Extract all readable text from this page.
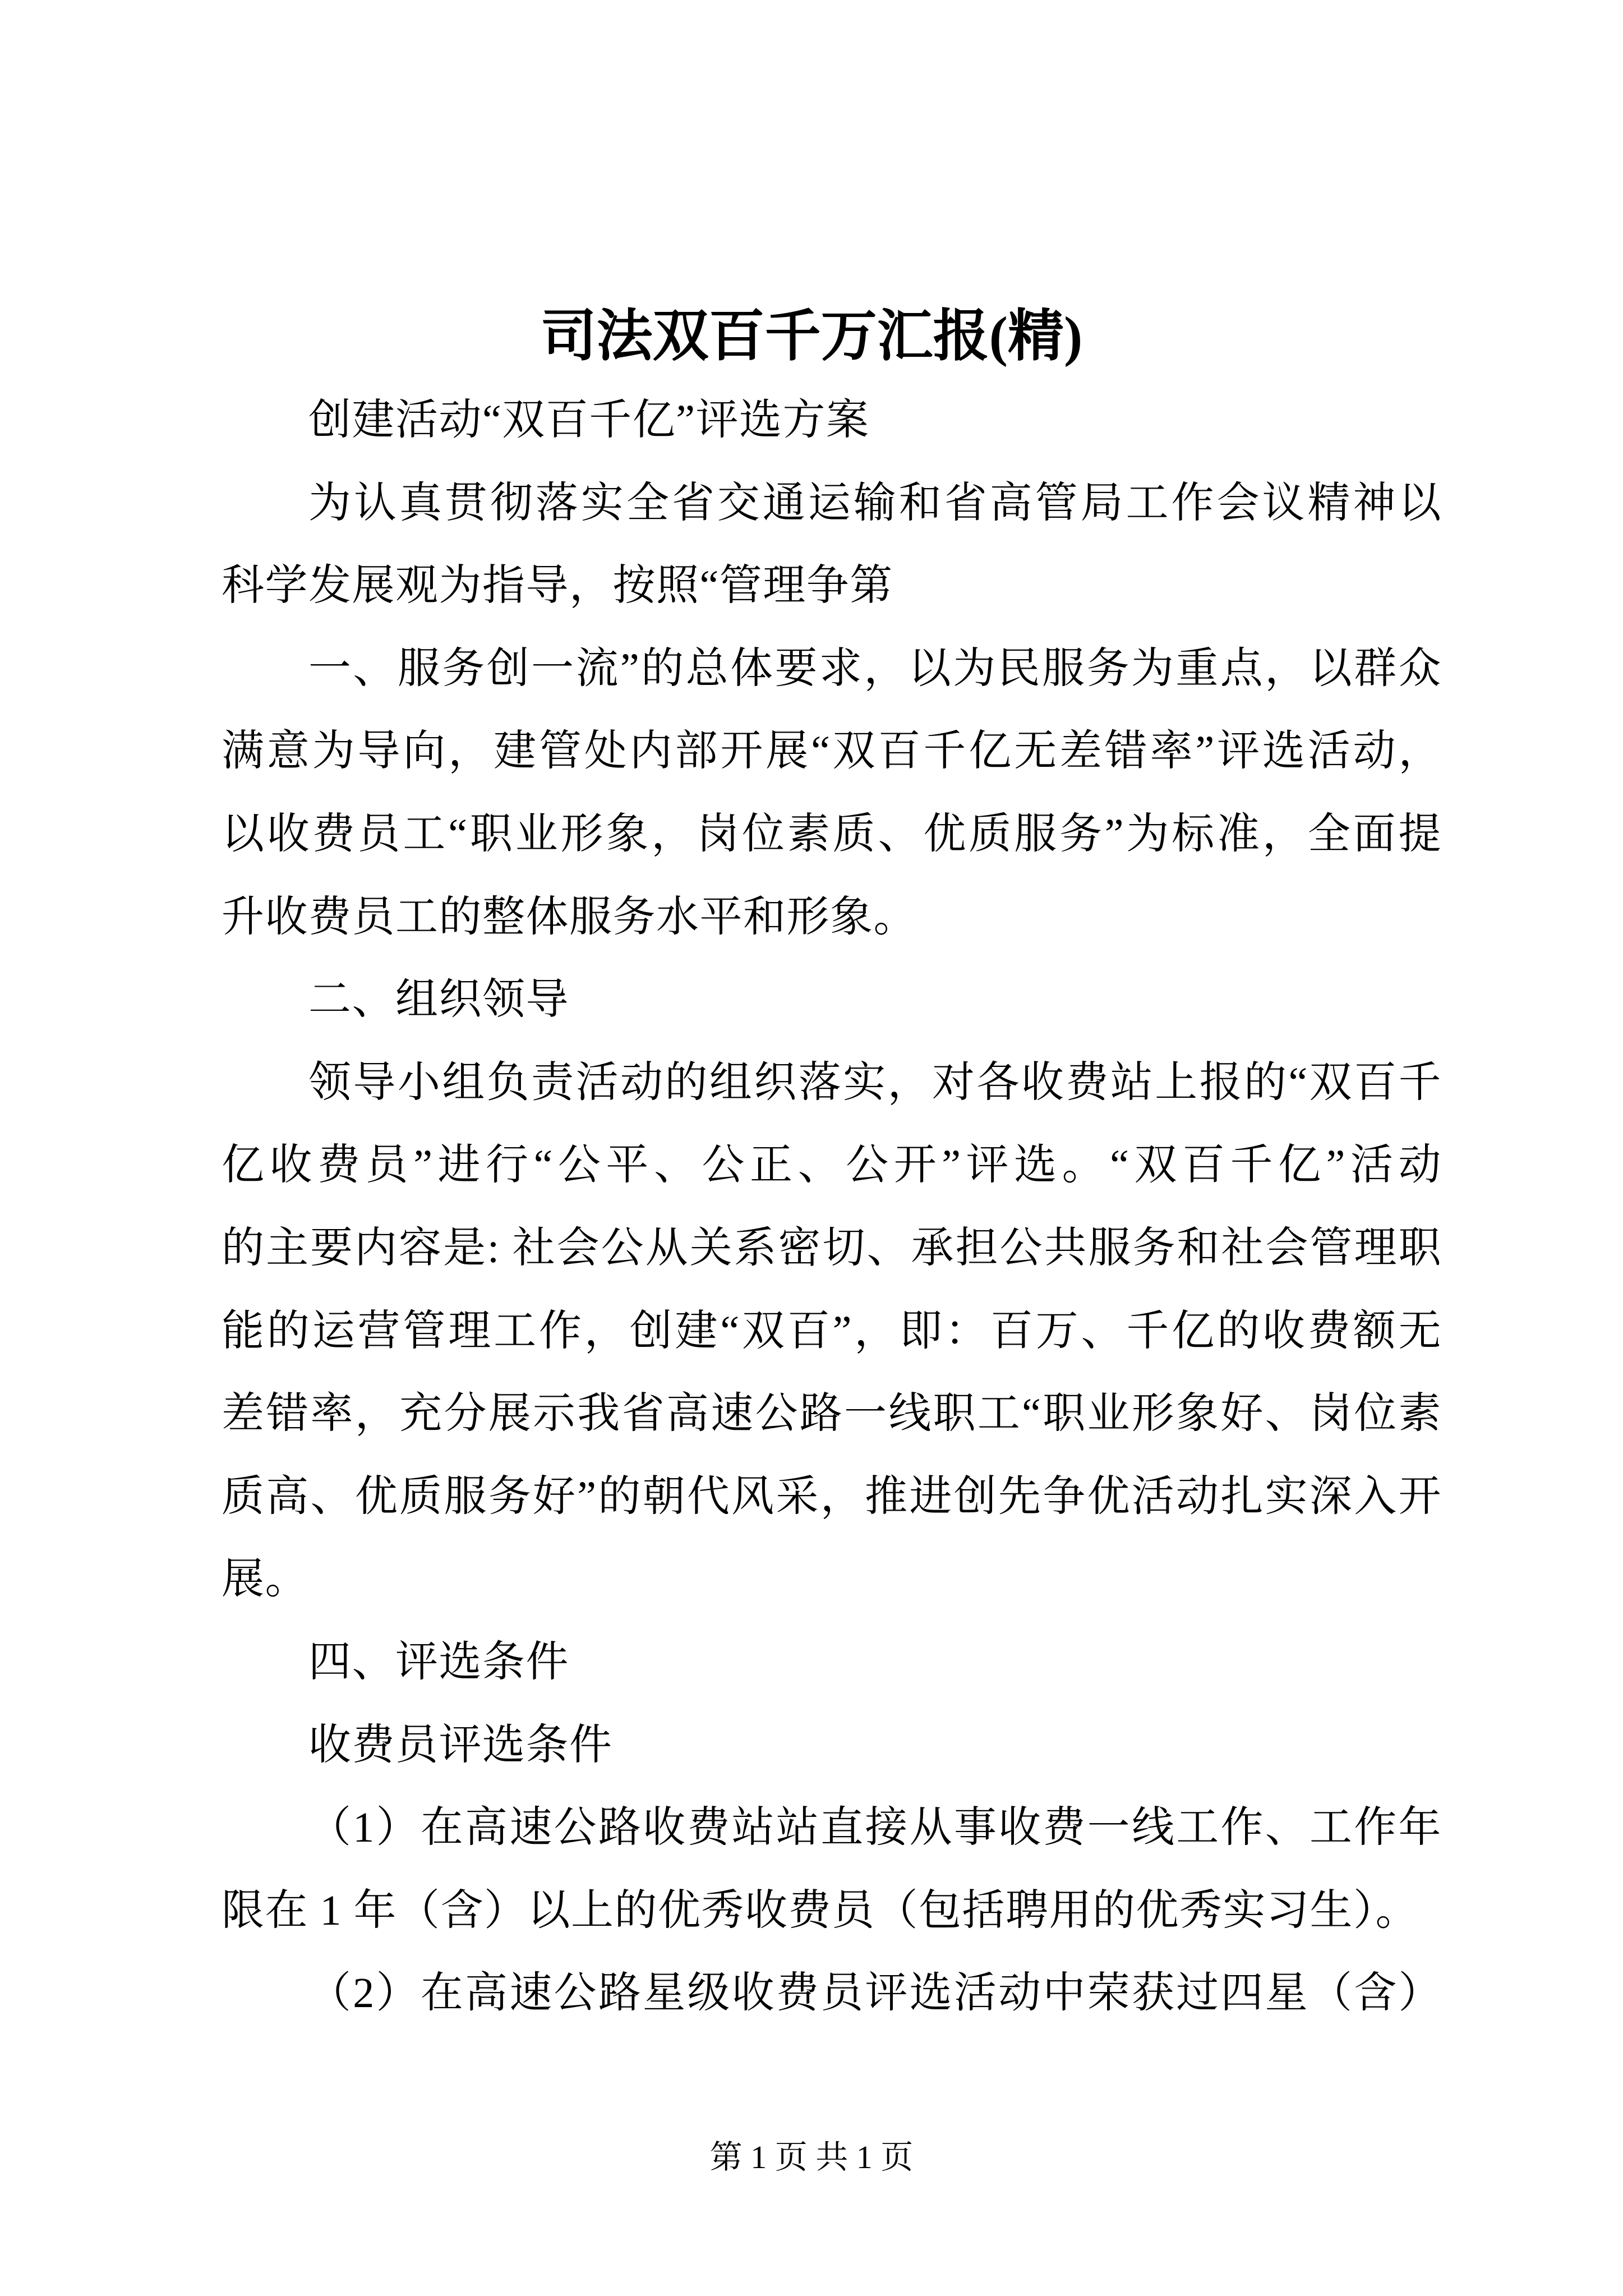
司法双百千万汇报(精)
创建活动“双百千亿”评选方案
为认真贯彻落实全省交通运输和省高管局工作会议精神以
科学发展观为指导，按照“管理争第
一、服务创一流”的总体要求，以为民服务为重点，以群众
满意为导向，建管处内部开展“双百千亿无差错率”评选活动，
以收费员工“职业形象，岗位素质、优质服务”为标准，全面提
升收费员工的整体服务水平和形象。
二、组织领导
领导小组负责活动的组织落实，对各收费站上报的“双百千
亿收费员”进行“公平、公正、公开”评选。“双百千亿”活动
的主要内容是: 社会公从关系密切、承担公共服务和社会管理职
能的运营管理工作，创建“双百”，即：百万、千亿的收费额无
差错率，充分展示我省高速公路一线职工“职业形象好、岗位素
质高、优质服务好”的朝代风采，推进创先争优活动扎实深入开
展。
四、评选条件
收费员评选条件
（1）在高速公路收费站站直接从事收费一线工作、工作年
限在 1 年（含）以上的优秀收费员（包括聘用的优秀实习生）。
（2）在高速公路星级收费员评选活动中荣获过四星（含）
第 1 页 共 1 页
